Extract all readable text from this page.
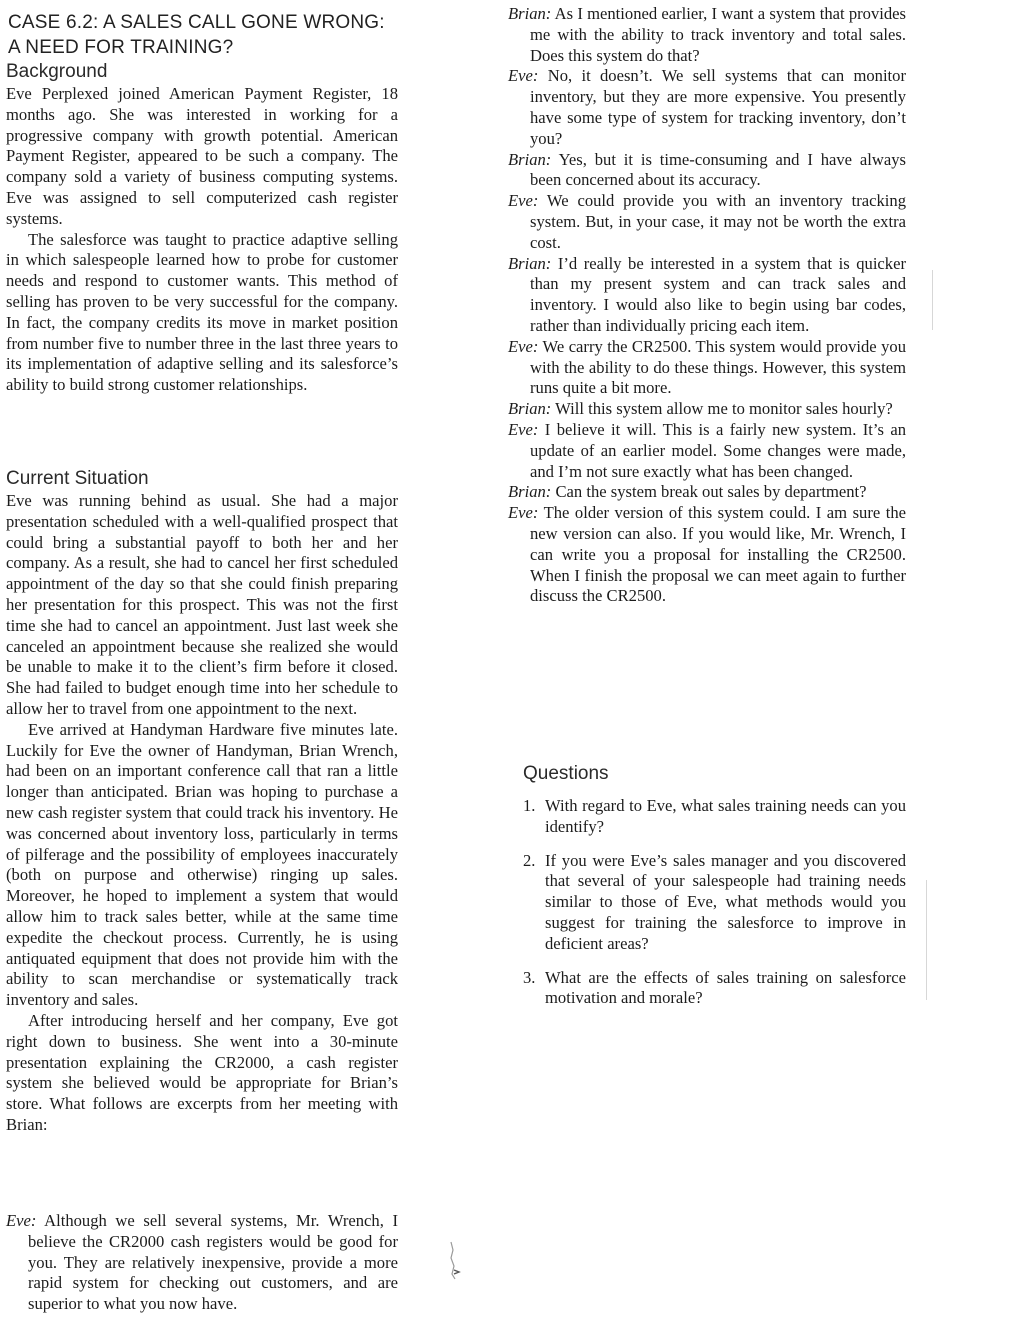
CASE 6.2: A SALES CALL GONE WRONG: A NEED FOR TRAINING?
Background

Eve Perplexed joined American Payment Register, 18 months ago. She was interested in working for a progressive company with growth potential. American Payment Register, appeared to be such a company. The company sold a variety of business computing systems. Eve was assigned to sell computerized cash register systems.

The salesforce was taught to practice adaptive selling in which salespeople learned how to probe for customer needs and respond to customer wants. This method of selling has proven to be very successful for the company. In fact, the company credits its move in market position from number five to number three in the last three years to its implementation of adaptive selling and its salesforce’s ability to build strong customer relationships.

Current Situation

Eve was running behind as usual. She had a major presentation scheduled with a well-qualified prospect that could bring a substantial payoff to both her and her company. As a result, she had to cancel her first scheduled appointment of the day so that she could finish preparing her presentation for this prospect. This was not the first time she had to cancel an appointment. Just last week she canceled an appointment because she realized she would be unable to make it to the client’s firm before it closed. She had failed to budget enough time into her schedule to allow her to travel from one appointment to the next.

Eve arrived at Handyman Hardware five minutes late. Luckily for Eve the owner of Handyman, Brian Wrench, had been on an important conference call that ran a little longer than anticipated. Brian was hoping to purchase a new cash register system that could track his inventory. He was concerned about inventory loss, particularly in terms of pilferage and the possibility of employees inaccurately (both on purpose and otherwise) ringing up sales. Moreover, he hoped to implement a system that would allow him to track sales better, while at the same time expedite the checkout process. Currently, he is using antiquated equipment that does not provide him with the ability to scan merchandise or systematically track inventory and sales.

After introducing herself and her company, Eve got right down to business. She went into a 30-minute presentation explaining the CR2000, a cash register system she believed would be appropriate for Brian’s store. What follows are excerpts from her meeting with Brian:

Eve: Although we sell several systems, Mr. Wrench, I believe the CR2000 cash registers would be good for you. They are relatively inexpensive, provide a more rapid system for checking out customers, and are superior to what you now have.

Brian: As I mentioned earlier, I want a system that provides me with the ability to track inventory and total sales. Does this system do that?

Eve: No, it doesn’t. We sell systems that can monitor inventory, but they are more expensive. You presently have some type of system for tracking inventory, don’t you?

Brian: Yes, but it is time-consuming and I have always been concerned about its accuracy.

Eve: We could provide you with an inventory tracking system. But, in your case, it may not be worth the extra cost.

Brian: I’d really be interested in a system that is quicker than my present system and can track sales and inventory. I would also like to begin using bar codes, rather than individually pricing each item.

Eve: We carry the CR2500. This system would provide you with the ability to do these things. However, this system runs quite a bit more.

Brian: Will this system allow me to monitor sales hourly?

Eve: I believe it will. This is a fairly new system. It’s an update of an earlier model. Some changes were made, and I’m not sure exactly what has been changed.

Brian: Can the system break out sales by department?

Eve: The older version of this system could. I am sure the new version can also. If you would like, Mr. Wrench, I can write you a proposal for installing the CR2500. When I finish the proposal we can meet again to further discuss the CR2500.

Questions
1. With regard to Eve, what sales training needs can you identify?
2. If you were Eve’s sales manager and you discovered that several of your salespeople had training needs similar to those of Eve, what methods would you suggest for training the salesforce to improve in deficient areas?
3. What are the effects of sales training on salesforce motivation and morale?
